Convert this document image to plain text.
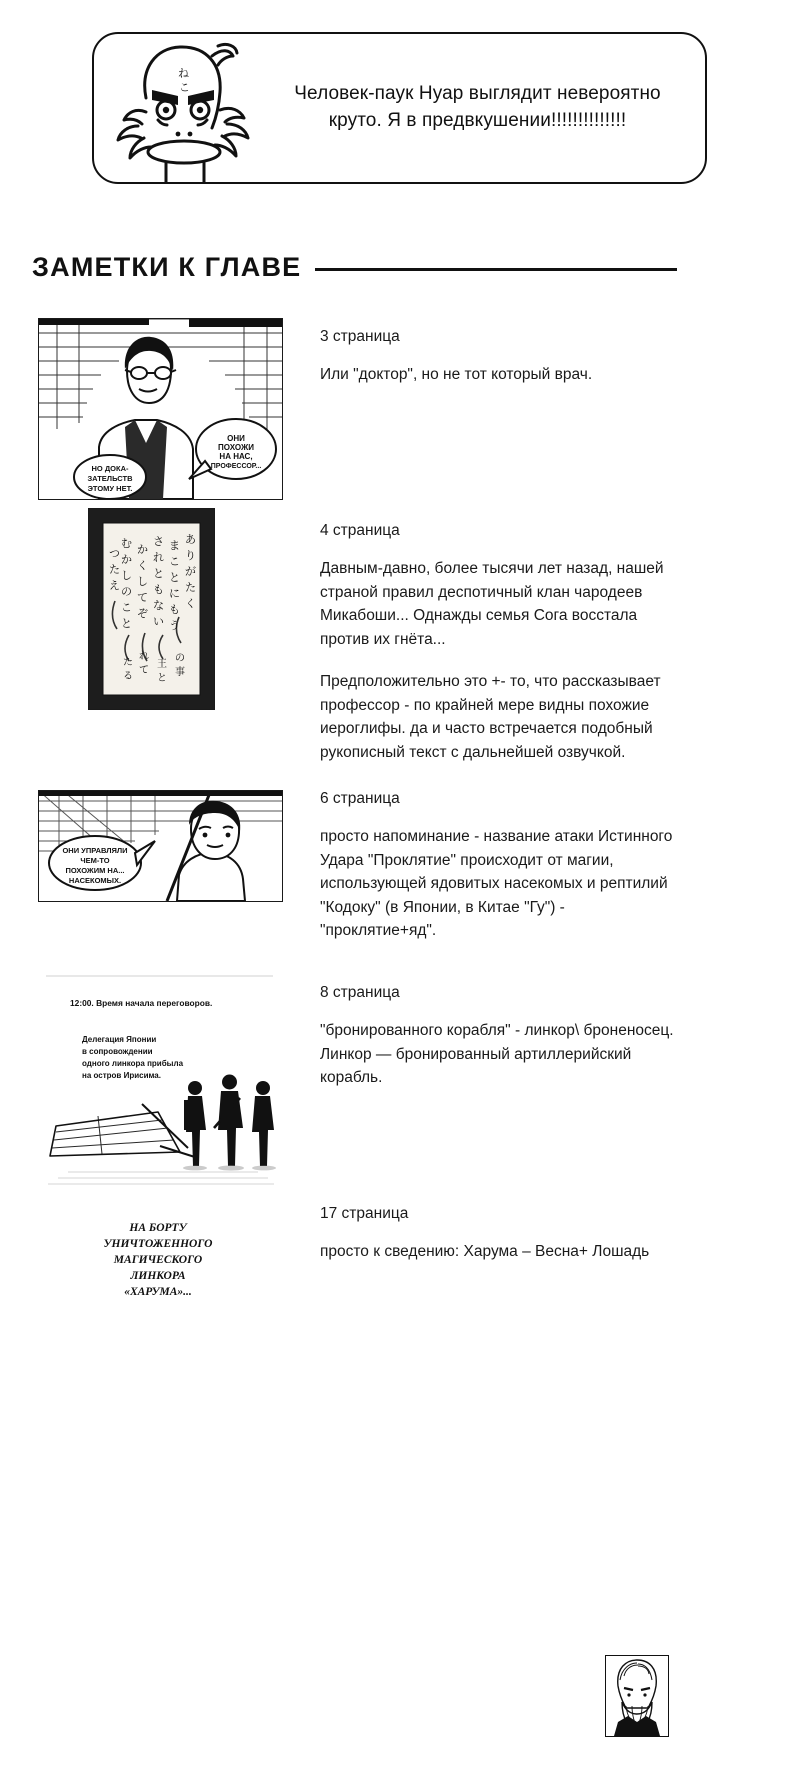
ね
こ	Человек-паук Нуар выглядит невероятно круто. Я в предвкушении!!!!!!!!!!!!!!
ЗАМЕТКИ К ГЛАВЕ
ОНИ
ПОХОЖИ
НА НАС,
ПРОФЕССОР...
НО ДОКА-
ЗАТЕЛЬСТВ
ЭТОМУ НЕТ.
3 страница
Или "доктор", но не тот который врач.
あ
り
が
た
く
ま
こ
と
に
も
う
さ
れ
と
も
な
い
か
く
し
て
ぞ
む
か
し
の
こ
と
つ
た
え
の
事
王
と
れ
て
た
る
4 страница
Давным-давно, более тысячи лет назад, нашей страной правил деспотичный клан чародеев Микабоши... Однажды семья Сога восстала против их гнёта...
Предположительно это +- то, что рассказывает профессор - по крайней мере видны похожие иероглифы. да и часто встречается подобный рукописный текст с дальнейшей озвучкой.
ОНИ УПРАВЛЯЛИ
ЧЕМ-ТО
ПОХОЖИМ НА...
НАСЕКОМЫХ.
6 страница
просто напоминание - название атаки Истинного Удара "Проклятие" происходит от магии, использующей ядовитых насекомых и рептилий "Кодоку" (в Японии, в Китае "Гу") - "проклятие+яд".
12:00. Время начала переговоров.
Делегация Японии
в сопровождении
одного линкора прибыла
на остров Ирисима.
8 страница
"бронированного корабля" - линкор\ броненосец. Линкор — бронированный артиллерийский корабль.
НА БОРТУ
УНИЧТОЖЕННОГО
МАГИЧЕСКОГО
ЛИНКОРА
«ХАРУМА»...
17 страница
просто к сведению: Харума – Весна+ Лошадь
